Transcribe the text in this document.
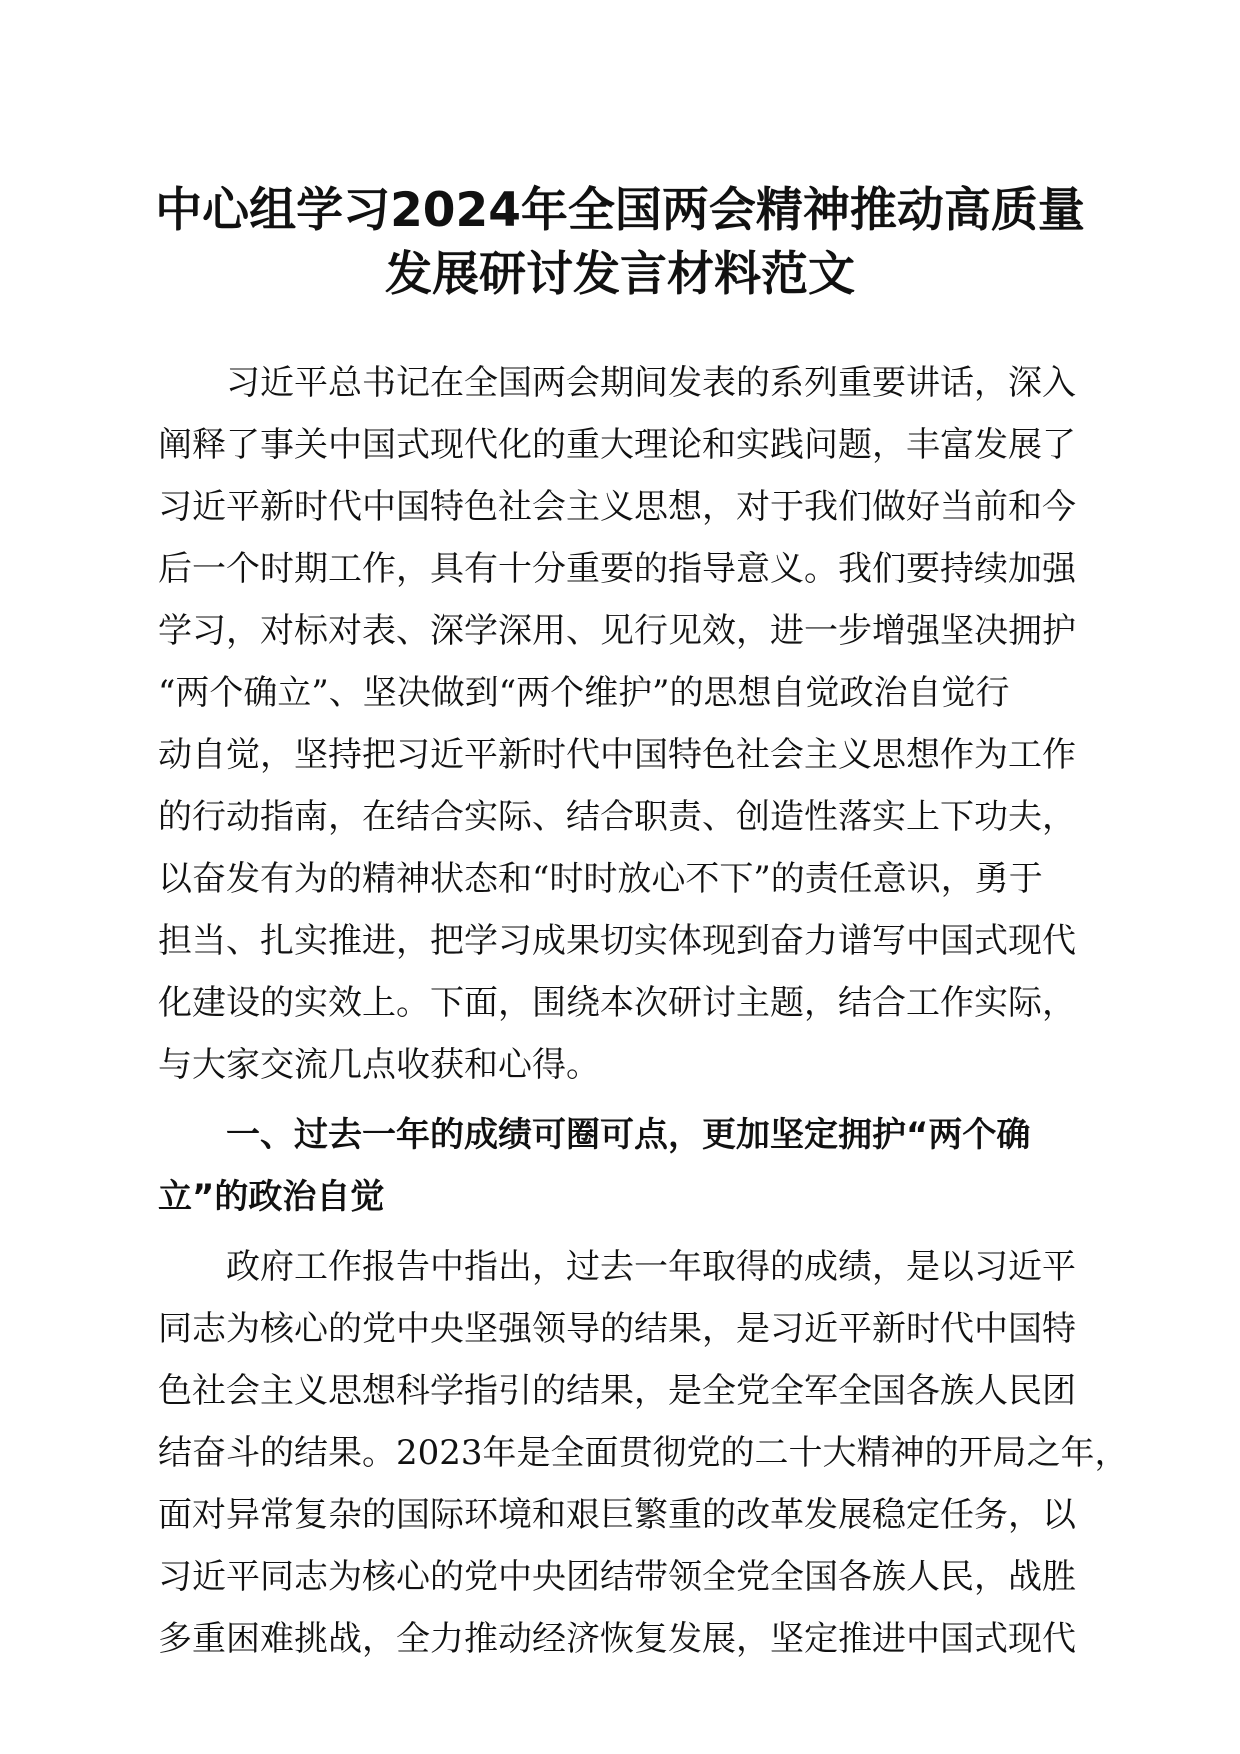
中心组学习2024年全国两会精神推动高质量
发展研讨发言材料范文
习近平总书记在全国两会期间发表的系列重要讲话，深入
阐释了事关中国式现代化的重大理论和实践问题，丰富发展了
习近平新时代中国特色社会主义思想，对于我们做好当前和今
后一个时期工作，具有十分重要的指导意义。我们要持续加强
学习，对标对表、深学深用、见行见效，进一步增强坚决拥护
“两个确立”、坚决做到“两个维护”的思想自觉政治自觉行
动自觉，坚持把习近平新时代中国特色社会主义思想作为工作
的行动指南，在结合实际、结合职责、创造性落实上下功夫，
以奋发有为的精神状态和“时时放心不下”的责任意识，勇于
担当、扎实推进，把学习成果切实体现到奋力谱写中国式现代
化建设的实效上。下面，围绕本次研讨主题，结合工作实际，
与大家交流几点收获和心得。
一、过去一年的成绩可圈可点，更加坚定拥护“两个确
立”的政治自觉
政府工作报告中指出，过去一年取得的成绩，是以习近平
同志为核心的党中央坚强领导的结果，是习近平新时代中国特
色社会主义思想科学指引的结果，是全党全军全国各族人民团
结奋斗的结果。2023年是全面贯彻党的二十大精神的开局之年，
面对异常复杂的国际环境和艰巨繁重的改革发展稳定任务，以
习近平同志为核心的党中央团结带领全党全国各族人民，战胜
多重困难挑战，全力推动经济恢复发展，坚定推进中国式现代
